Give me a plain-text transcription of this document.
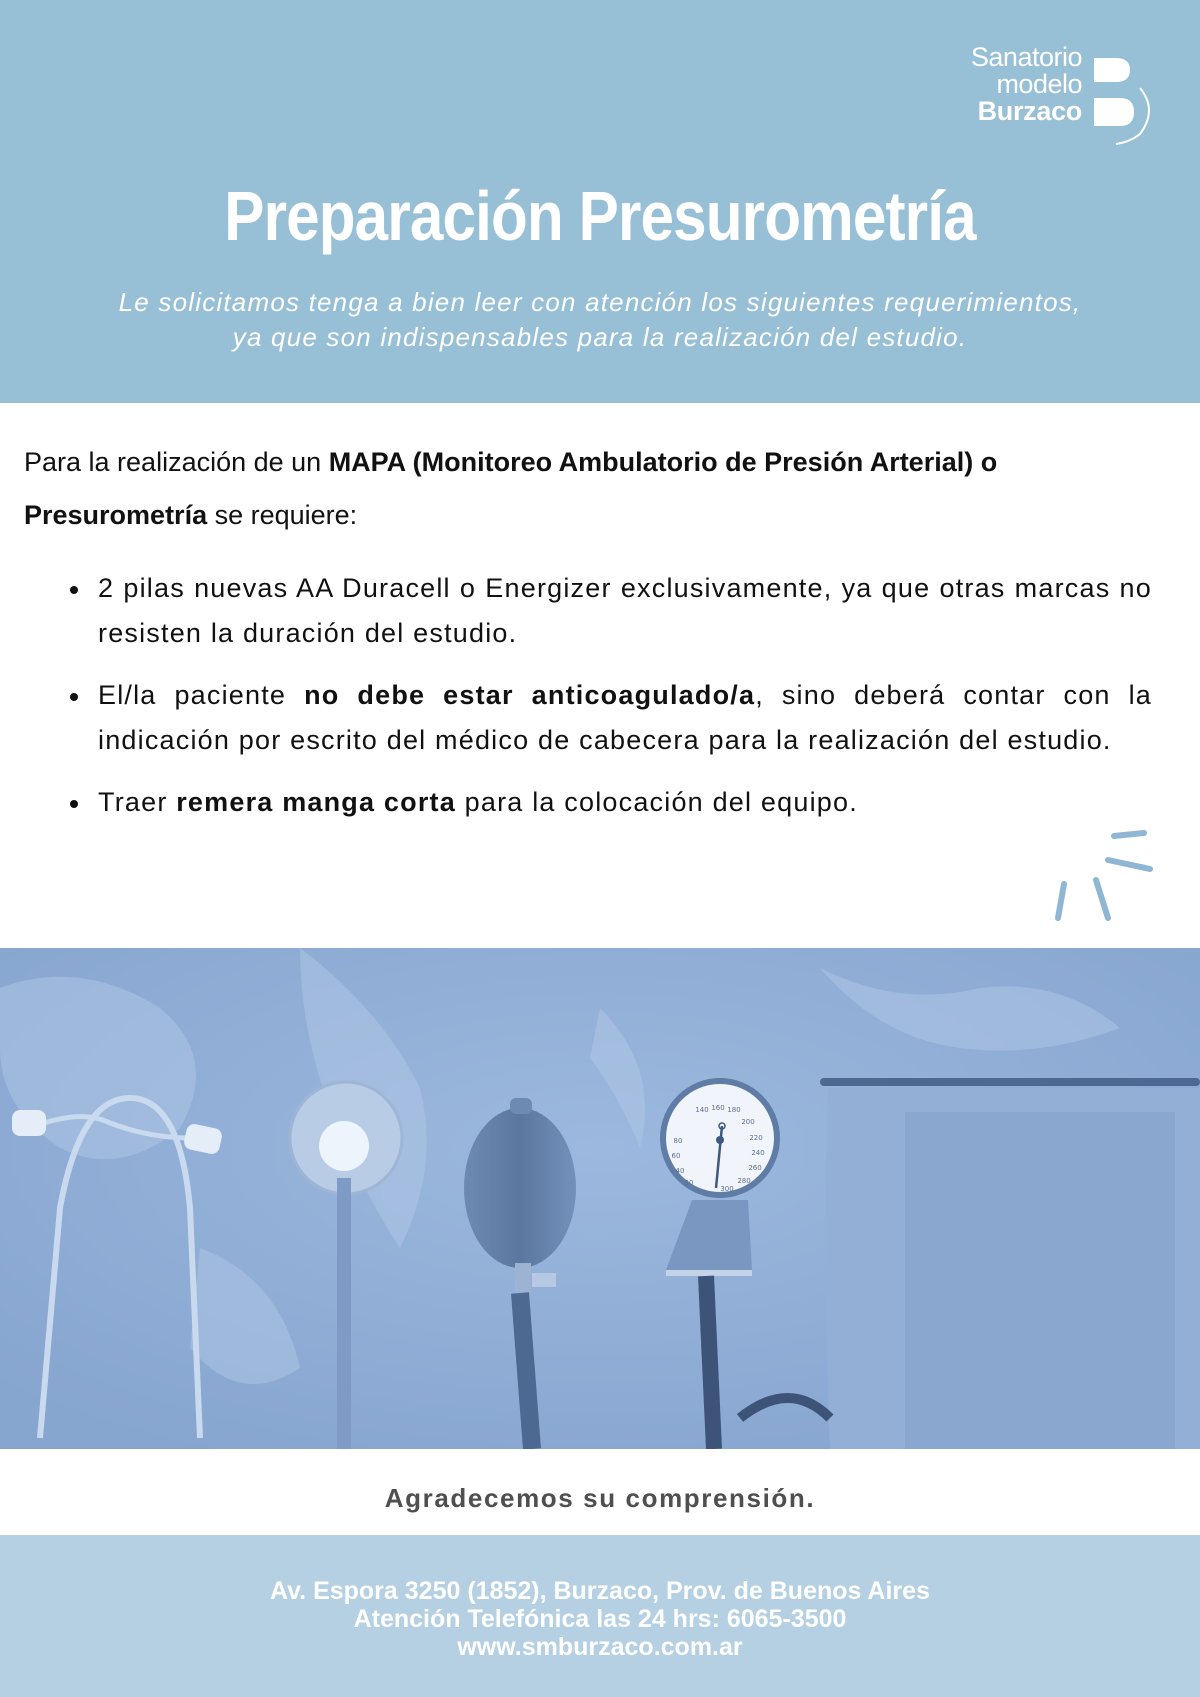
Sanatorio
modelo
Burzaco
Preparación Presurometría

Le solicitamos tenga a bien leer con atención los siguientes requerimientos,
ya que son indispensables para la realización del estudio.

Para la realización de un MAPA (Monitoreo Ambulatorio de Presión Arterial) o Presurometría se requiere:

2 pilas nuevas AA Duracell o Energizer exclusivamente, ya que otras marcas no resisten la duración del estudio.
El/la paciente no debe estar anticoagulado/a, sino deberá contar con la indicación por escrito del médico de cabecera para la realización del estudio.
Traer remera manga corta para la colocación del equipo.
140 160 180
200
220
240
260
280
300
20
40
60
80

Agradecemos su comprensión.

Av. Espora 3250 (1852), Burzaco, Prov. de Buenos Aires
Atención Telefónica las 24 hrs: 6065-3500
www.smburzaco.com.ar
